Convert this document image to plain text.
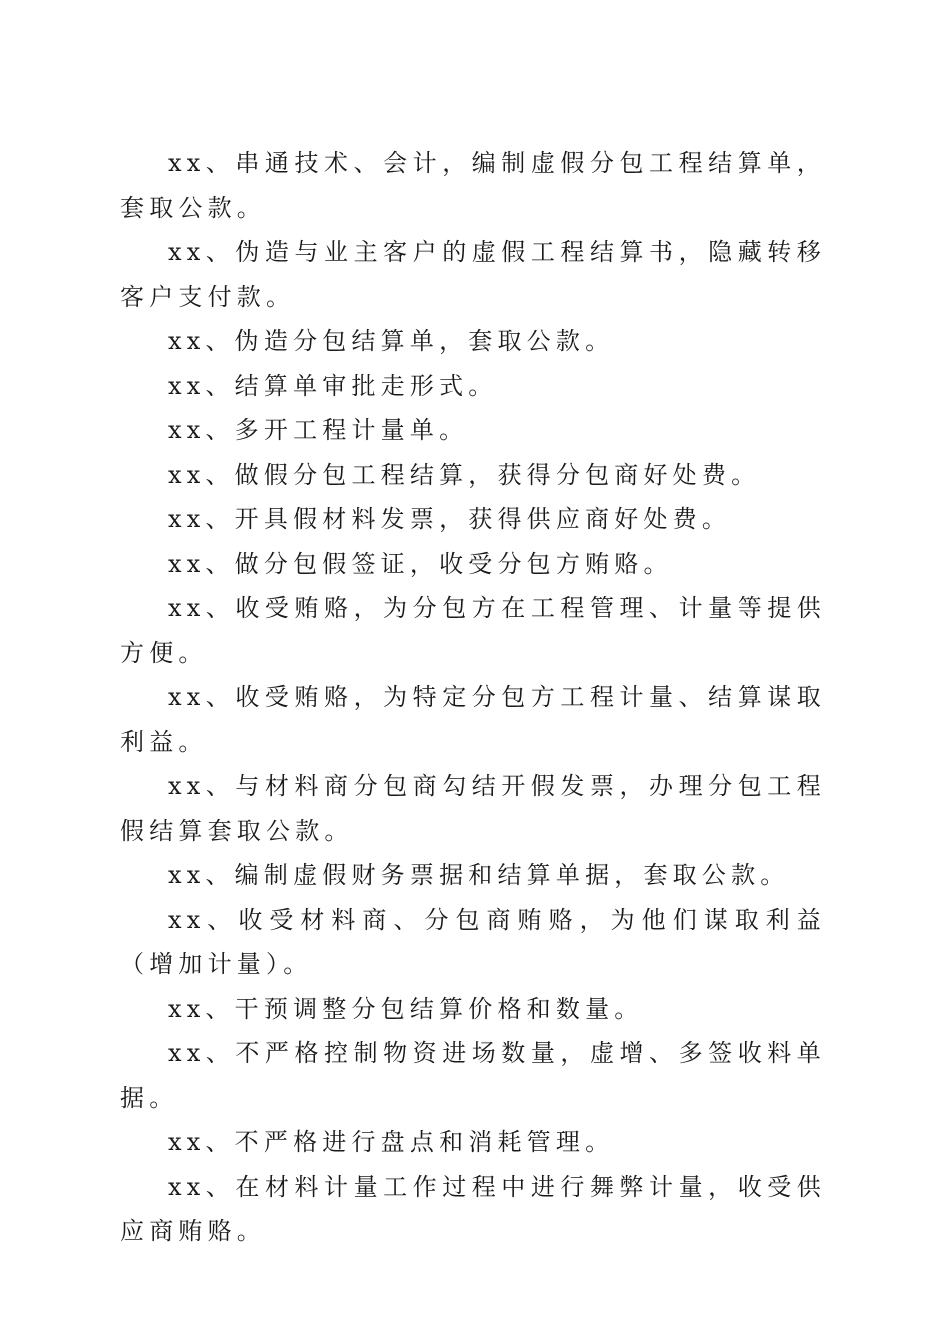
xx、串通技术、会计，编制虚假分包工程结算单，套取公款。

xx、伪造与业主客户的虚假工程结算书，隐藏转移客户支付款。

xx、伪造分包结算单，套取公款。

xx、结算单审批走形式。

xx、多开工程计量单。

xx、做假分包工程结算，获得分包商好处费。

xx、开具假材料发票，获得供应商好处费。

xx、做分包假签证，收受分包方贿赂。

xx、收受贿赂，为分包方在工程管理、计量等提供方便。

xx、收受贿赂，为特定分包方工程计量、结算谋取利益。

xx、与材料商分包商勾结开假发票，办理分包工程假结算套取公款。

xx、编制虚假财务票据和结算单据，套取公款。

xx、收受材料商、分包商贿赂，为他们谋取利益（增加计量）。

xx、干预调整分包结算价格和数量。

xx、不严格控制物资进场数量，虚增、多签收料单据。

xx、不严格进行盘点和消耗管理。

xx、在材料计量工作过程中进行舞弊计量，收受供应商贿赂。
